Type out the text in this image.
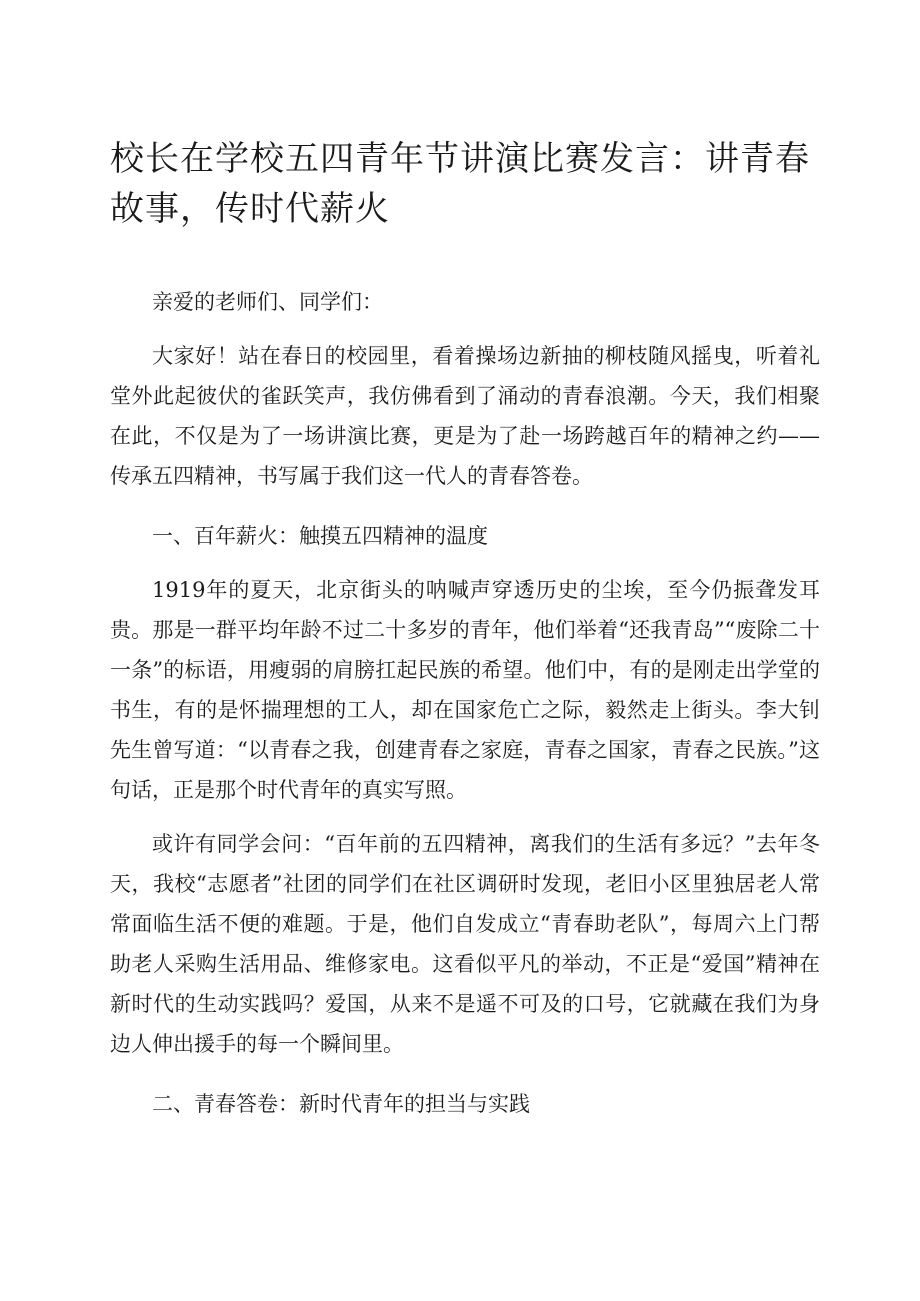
校长在学校五四青年节讲演比赛发言：讲青春故事，传时代薪火

亲爱的老师们、同学们：

大家好！站在春日的校园里，看着操场边新抽的柳枝随风摇曳，听着礼堂外此起彼伏的雀跃笑声，我仿佛看到了涌动的青春浪潮。今天，我们相聚在此，不仅是为了一场讲演比赛，更是为了赴一场跨越百年的精神之约——传承五四精神，书写属于我们这一代人的青春答卷。

一、百年薪火：触摸五四精神的温度

1919年的夏天，北京街头的呐喊声穿透历史的尘埃，至今仍振聋发耳贵。那是一群平均年龄不过二十多岁的青年，他们举着“还我青岛”“废除二十一条”的标语，用瘦弱的肩膀扛起民族的希望。他们中，有的是刚走出学堂的书生，有的是怀揣理想的工人，却在国家危亡之际，毅然走上街头。李大钊先生曾写道：“以青春之我，创建青春之家庭，青春之国家，青春之民族。”这句话，正是那个时代青年的真实写照。

或许有同学会问：“百年前的五四精神，离我们的生活有多远？”去年冬天，我校“志愿者”社团的同学们在社区调研时发现，老旧小区里独居老人常常面临生活不便的难题。于是，他们自发成立“青春助老队”，每周六上门帮助老人采购生活用品、维修家电。这看似平凡的举动，不正是“爱国”精神在新时代的生动实践吗？爱国，从来不是遥不可及的口号，它就藏在我们为身边人伸出援手的每一个瞬间里。

二、青春答卷：新时代青年的担当与实践
